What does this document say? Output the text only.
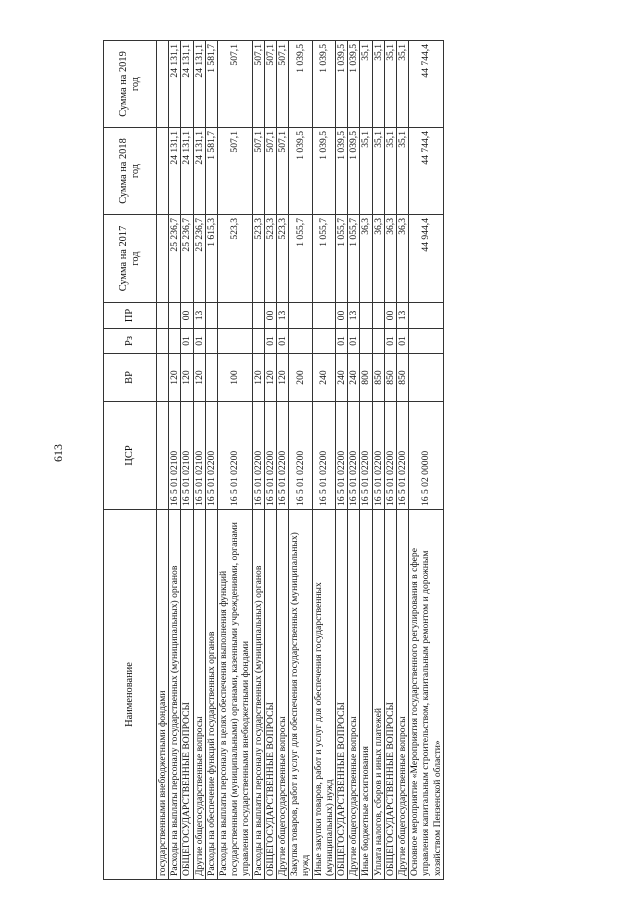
613
Наименование	ЦСР	ВР	Рз	ПР	Сумма на 2017 год	Сумма на 2018 год	Сумма на 2019 год
государственными внебюджетными фондами							
Расходы на выплаты персоналу государственных (муниципальных) органов	16 5 01 02100	120			25 236,7	24 131,1	24 131,1
ОБЩЕГОСУДАРСТВЕННЫЕ ВОПРОСЫ	16 5 01 02100	120	01	00	25 236,7	24 131,1	24 131,1
Другие общегосударственные вопросы	16 5 01 02100	120	01	13	25 236,7	24 131,1	24 131,1
Расходы на обеспечение функций государственных органов	16 5 01 02200				1 615,3	1 581,7	1 581,7
Расходы на выплаты персоналу в целях обеспечения выполнения функций государственными (муниципальными) органами, казенными учреждениями, органами управления государственными внебюджетными фондами	16 5 01 02200	100			523,3	507,1	507,1
Расходы на выплаты персоналу государственных (муниципальных) органов	16 5 01 02200	120			523,3	507,1	507,1
ОБЩЕГОСУДАРСТВЕННЫЕ ВОПРОСЫ	16 5 01 02200	120	01	00	523,3	507,1	507,1
Другие общегосударственные вопросы	16 5 01 02200	120	01	13	523,3	507,1	507,1
Закупка товаров, работ и услуг для обеспечения государственных (муниципальных) нужд	16 5 01 02200	200			1 055,7	1 039,5	1 039,5
Иные закупки товаров, работ и услуг для обеспечения государственных (муниципальных) нужд	16 5 01 02200	240			1 055,7	1 039,5	1 039,5
ОБЩЕГОСУДАРСТВЕННЫЕ ВОПРОСЫ	16 5 01 02200	240	01	00	1 055,7	1 039,5	1 039,5
Другие общегосударственные вопросы	16 5 01 02200	240	01	13	1 055,7	1 039,5	1 039,5
Иные бюджетные ассигнования	16 5 01 02200	800			36,3	35,1	35,1
Уплата налогов, сборов и иных платежей	16 5 01 02200	850			36,3	35,1	35,1
ОБЩЕГОСУДАРСТВЕННЫЕ ВОПРОСЫ	16 5 01 02200	850	01	00	36,3	35,1	35,1
Другие общегосударственные вопросы	16 5 01 02200	850	01	13	36,3	35,1	35,1
Основное мероприятие «Мероприятия государственного регулирования в сфере управления капитальным строительством, капитальным ремонтом и дорожным хозяйством Пензенской области»	16 5 02 00000				44 944,4	44 744,4	44 744,4
